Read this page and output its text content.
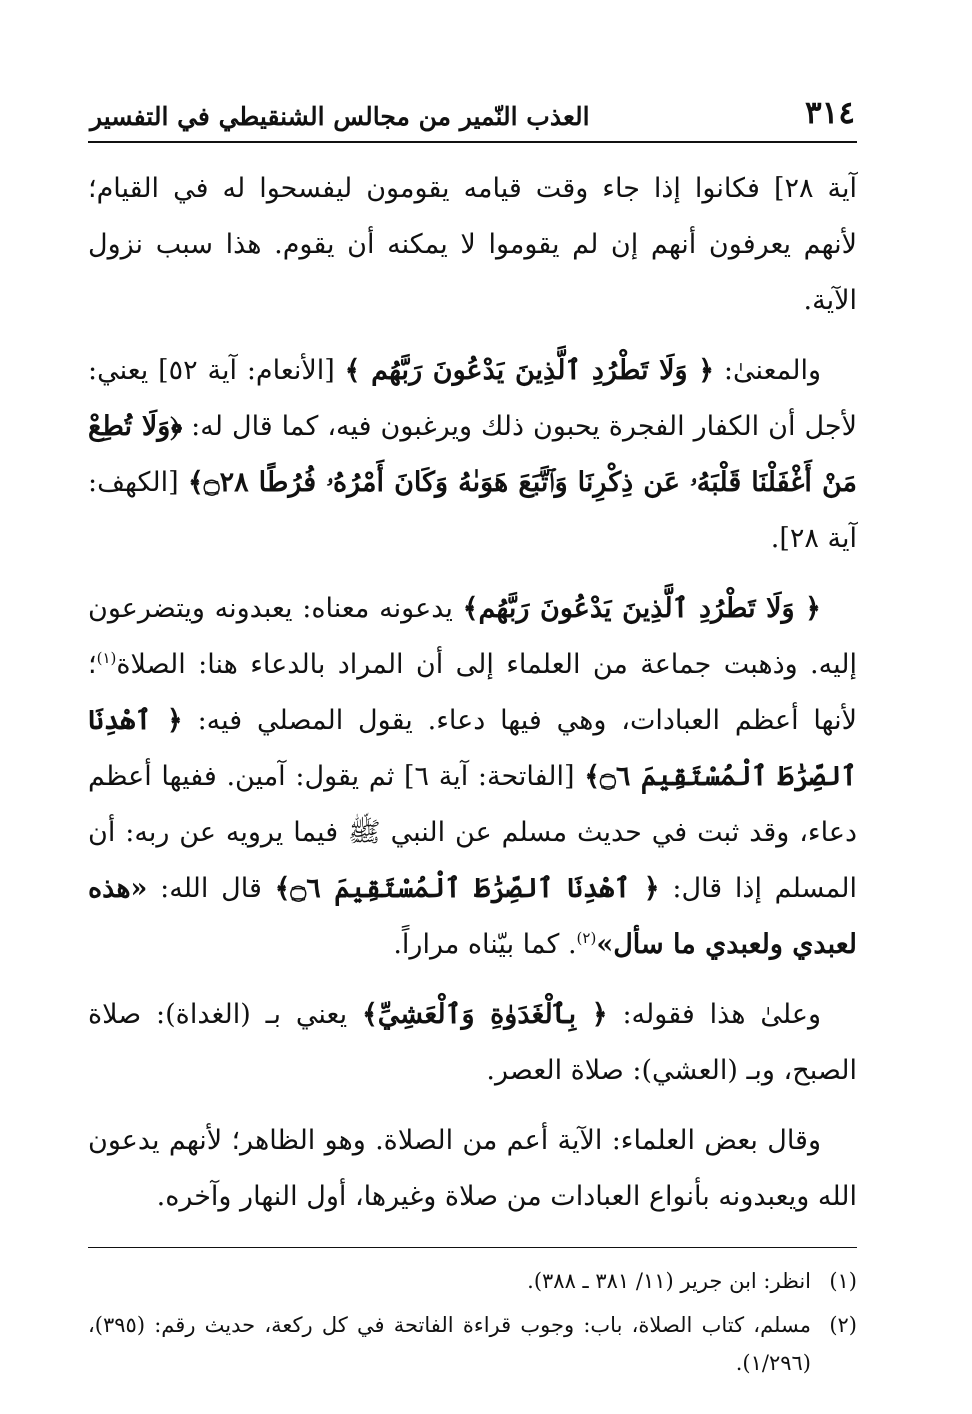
٣١٤
العذب النّمير من مجالس الشنقيطي في التفسير

آية ٢٨] فكانوا إذا جاء وقت قيامه يقومون ليفسحوا له في القيام؛ لأنهم يعرفون أنهم إن لم يقوموا لا يمكنه أن يقوم. هذا سبب نزول الآية.

والمعنىٰ: ﴿ وَلَا تَطْرُدِ ٱلَّذِينَ يَدْعُونَ رَبَّهُم ﴾ [الأنعام: آية ٥٢] يعني: لأجل أن الكفار الفجرة يحبون ذلك ويرغبون فيه، كما قال له: ﴿وَلَا تُطِعْ مَنْ أَغْفَلْنَا قَلْبَهُۥ عَن ذِكْرِنَا وَٱتَّبَعَ هَوَىٰهُ وَكَانَ أَمْرُهُۥ فُرُطًا ۝٢٨﴾ [الكهف: آية ٢٨].

﴿ وَلَا تَطْرُدِ ٱلَّذِينَ يَدْعُونَ رَبَّهُم﴾ يدعونه معناه: يعبدونه ويتضرعون إليه. وذهبت جماعة من العلماء إلى أن المراد بالدعاء هنا: الصلاة$^{(١)}$؛ لأنها أعظم العبادات، وهي فيها دعاء. يقول المصلي فيه: ﴿ ٱهْدِنَا ٱلصِّرَٰطَ ٱلْمُسْتَقِيمَ ۝٦﴾ [الفاتحة: آية ٦] ثم يقول: آمين. ففيها أعظم دعاء، وقد ثبت في حديث مسلم عن النبي ﷺ فيما يرويه عن ربه: أن المسلم إذا قال: ﴿ ٱهْدِنَا ٱلصِّرَٰطَ ٱلْمُسْتَقِيمَ ۝٦﴾ قال الله: «هذه لعبدي ولعبدي ما سأل»$^{(٢)}$. كما بيّناه مراراً.

وعلىٰ هذا فقوله: ﴿ بِٱلْغَدَوٰةِ وَٱلْعَشِيِّ﴾ يعني بـ (الغداة): صلاة الصبح، وبـ (العشي): صلاة العصر.

وقال بعض العلماء: الآية أعم من الصلاة. وهو الظاهر؛ لأنهم يدعون الله ويعبدونه بأنواع العبادات من صلاة وغيرها، أول النهار وآخره.

(١)
انظر: ابن جرير (١١/ ٣٨١ ـ ٣٨٨).
(٢)
مسلم، كتاب الصلاة، باب: وجوب قراءة الفاتحة في كل ركعة، حديث رقم: (٣٩٥)، (١/٢٩٦).
